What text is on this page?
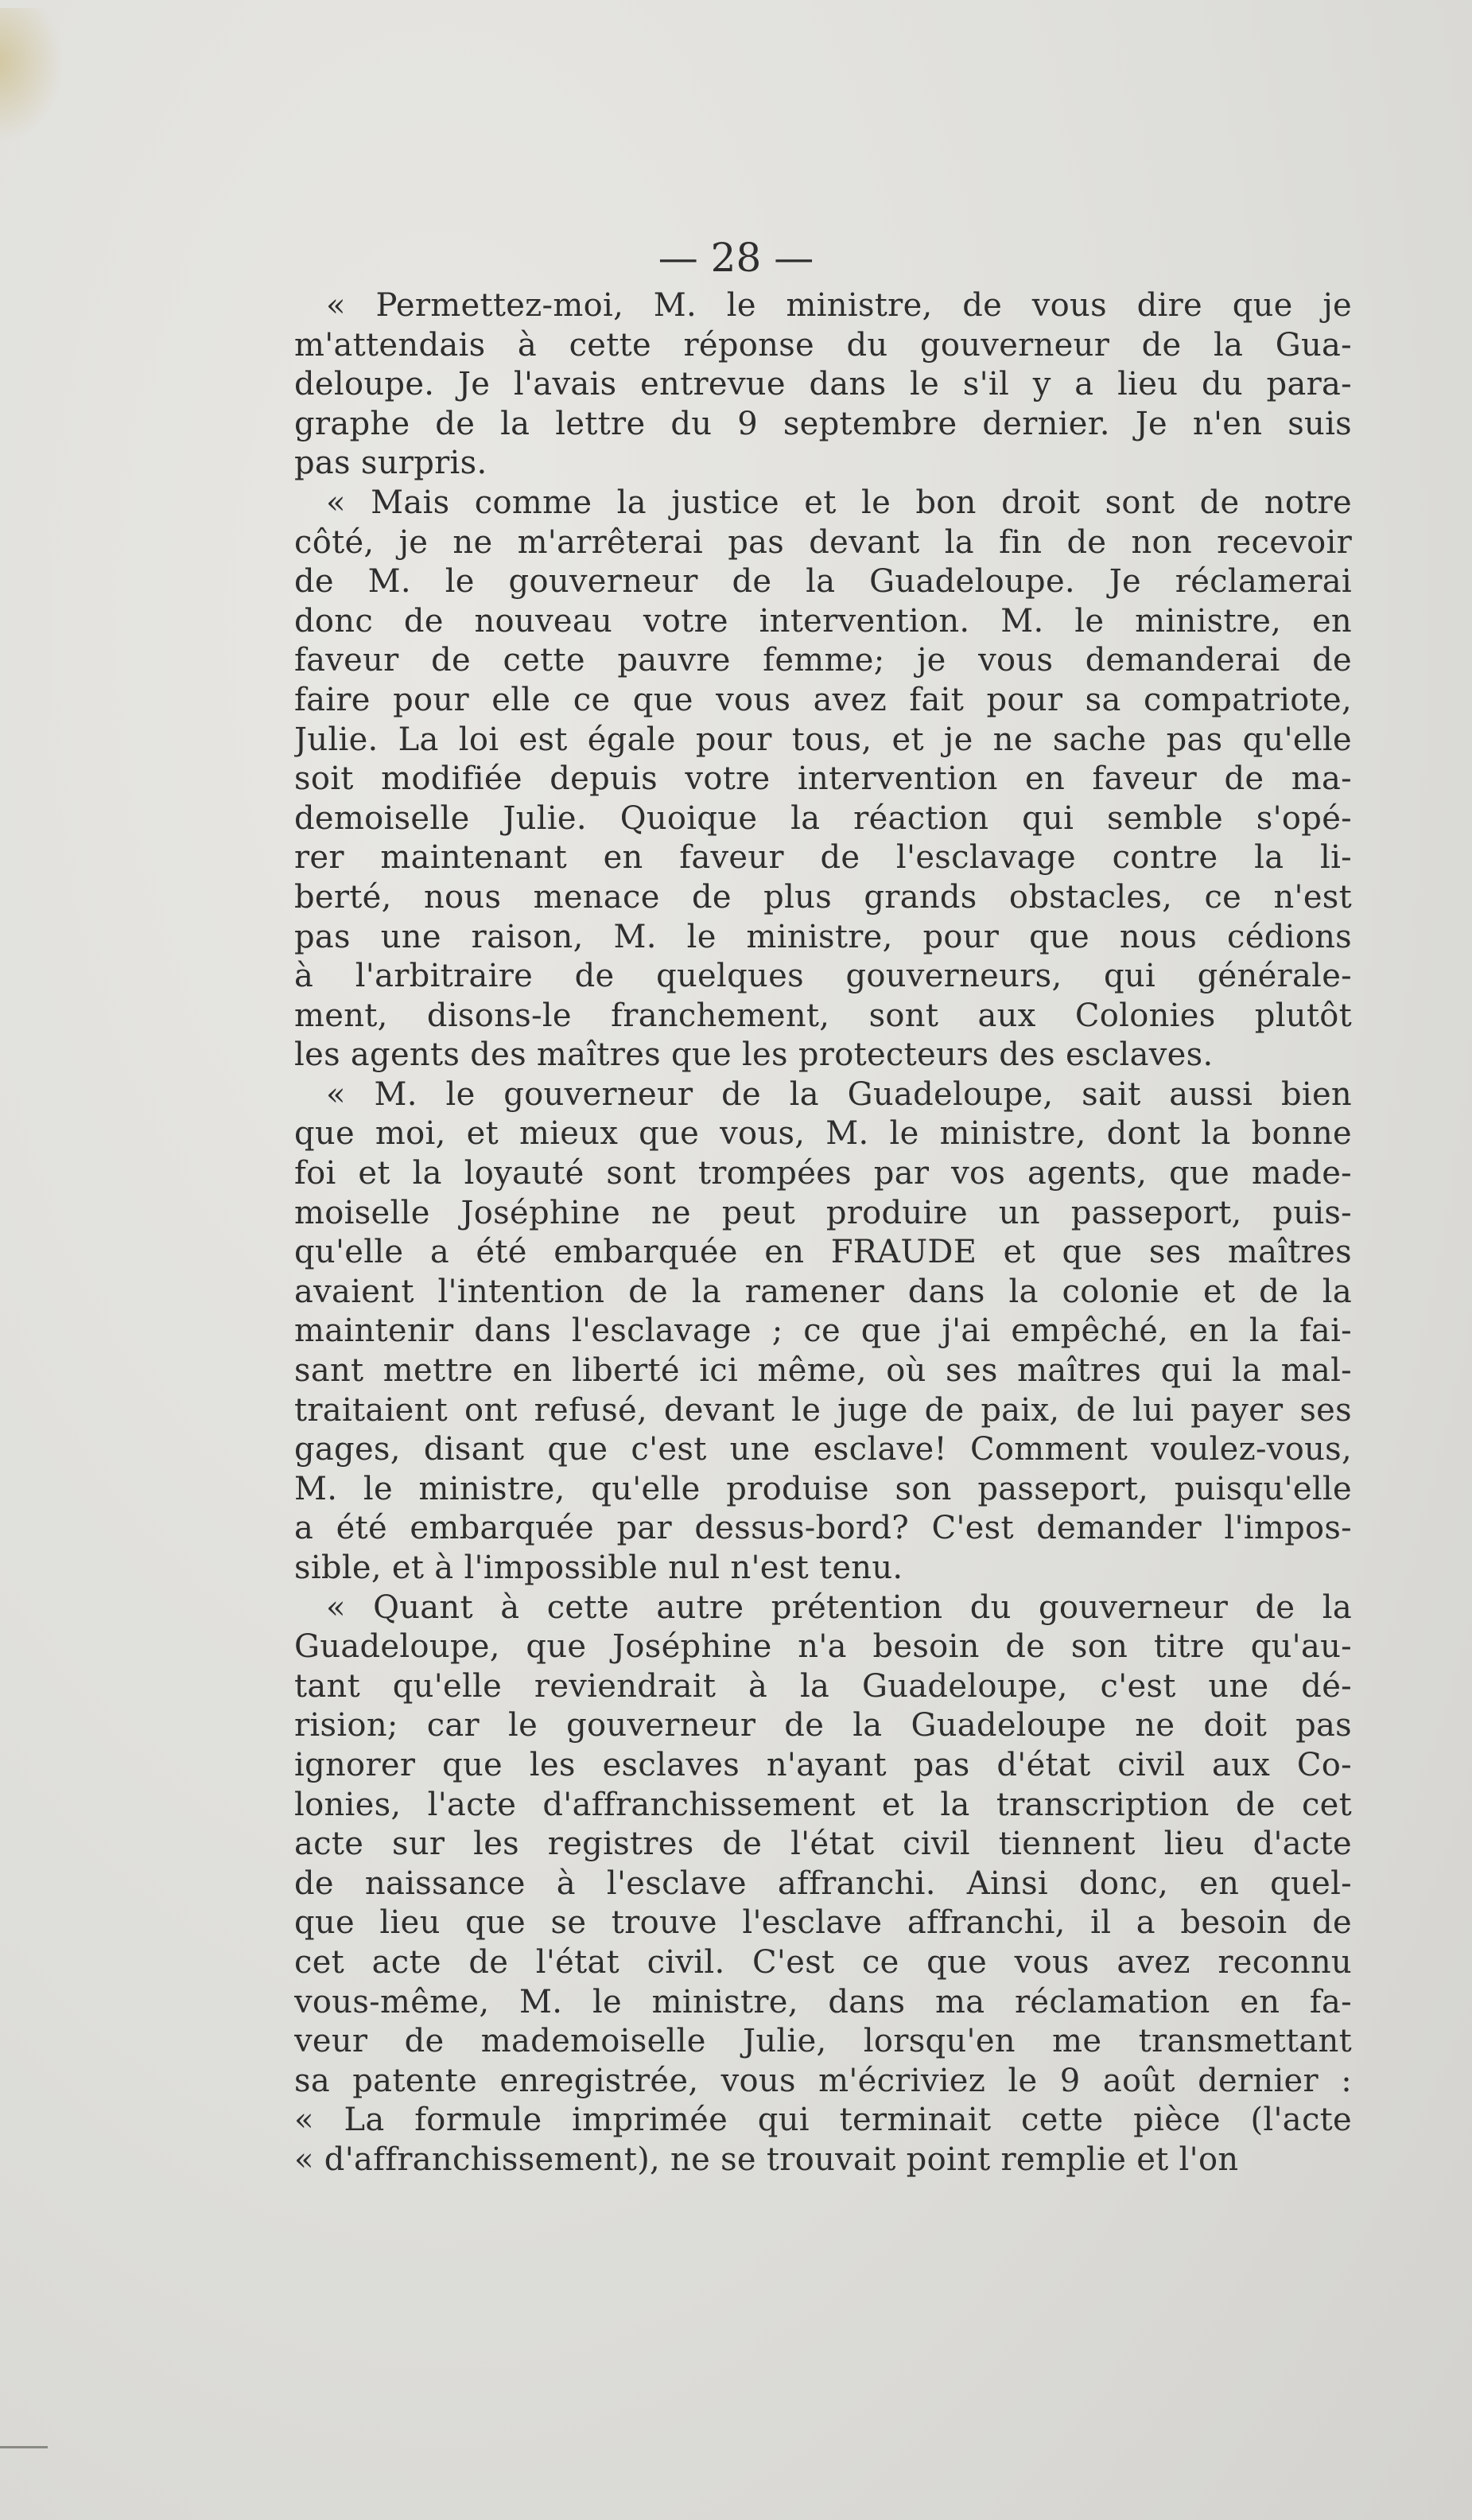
— 28 —
« Permettez-moi, M. le ministre, de vous dire que je
m'attendais à cette réponse du gouverneur de la Gua-
deloupe. Je l'avais entrevue dans le s'il y a lieu du para-
graphe de la lettre du 9 septembre dernier. Je n'en suis
pas surpris.
« Mais comme la justice et le bon droit sont de notre
côté, je ne m'arrêterai pas devant la fin de non recevoir
de M. le gouverneur de la Guadeloupe. Je réclamerai
donc de nouveau votre intervention. M. le ministre, en
faveur de cette pauvre femme; je vous demanderai de
faire pour elle ce que vous avez fait pour sa compatriote,
Julie. La loi est égale pour tous, et je ne sache pas qu'elle
soit modifiée depuis votre intervention en faveur de ma-
demoiselle Julie. Quoique la réaction qui semble s'opé-
rer maintenant en faveur de l'esclavage contre la li-
berté, nous menace de plus grands obstacles, ce n'est
pas une raison, M. le ministre, pour que nous cédions
à l'arbitraire de quelques gouverneurs, qui générale-
ment, disons-le franchement, sont aux Colonies plutôt
les agents des maîtres que les protecteurs des esclaves.
« M. le gouverneur de la Guadeloupe, sait aussi bien
que moi, et mieux que vous, M. le ministre, dont la bonne
foi et la loyauté sont trompées par vos agents, que made-
moiselle Joséphine ne peut produire un passeport, puis-
qu'elle a été embarquée en FRAUDE et que ses maîtres
avaient l'intention de la ramener dans la colonie et de la
maintenir dans l'esclavage ; ce que j'ai empêché, en la fai-
sant mettre en liberté ici même, où ses maîtres qui la mal-
traitaient ont refusé, devant le juge de paix, de lui payer ses
gages, disant que c'est une esclave! Comment voulez-vous,
M. le ministre, qu'elle produise son passeport, puisqu'elle
a été embarquée par dessus-bord? C'est demander l'impos-
sible, et à l'impossible nul n'est tenu.
« Quant à cette autre prétention du gouverneur de la
Guadeloupe, que Joséphine n'a besoin de son titre qu'au-
tant qu'elle reviendrait à la Guadeloupe, c'est une dé-
rision; car le gouverneur de la Guadeloupe ne doit pas
ignorer que les esclaves n'ayant pas d'état civil aux Co-
lonies, l'acte d'affranchissement et la transcription de cet
acte sur les registres de l'état civil tiennent lieu d'acte
de naissance à l'esclave affranchi. Ainsi donc, en quel-
que lieu que se trouve l'esclave affranchi, il a besoin de
cet acte de l'état civil. C'est ce que vous avez reconnu
vous-même, M. le ministre, dans ma réclamation en fa-
veur de mademoiselle Julie, lorsqu'en me transmettant
sa patente enregistrée, vous m'écriviez le 9 août dernier :
« La formule imprimée qui terminait cette pièce (l'acte
« d'affranchissement), ne se trouvait point remplie et l'on
